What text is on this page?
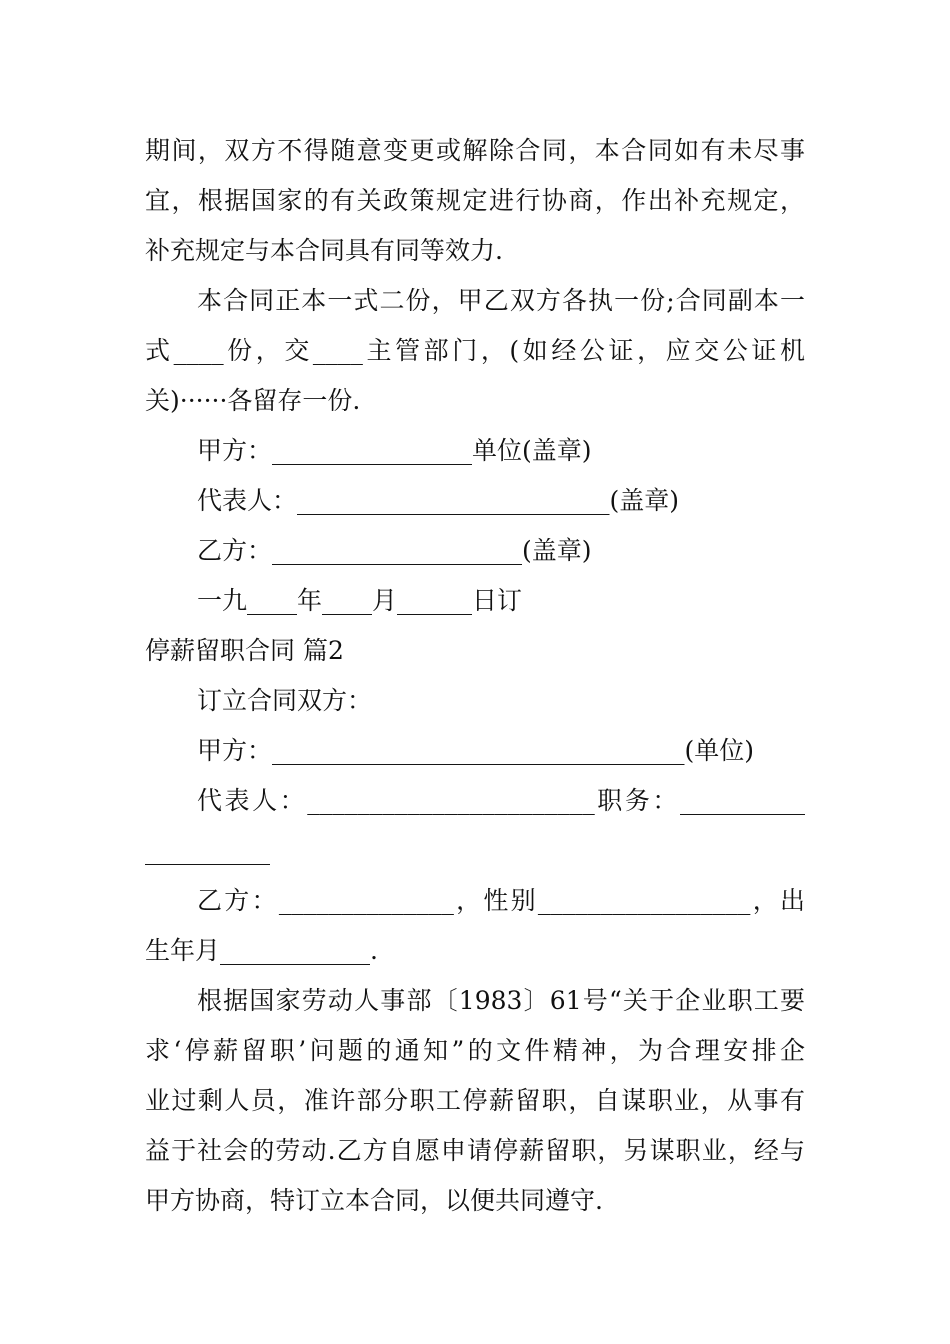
期间，双方不得随意变更或解除合同，本合同如有未尽事
宜，根据国家的有关政策规定进行协商，作出补充规定，
补充规定与本合同具有同等效力.
本合同正本一式二份，甲乙双方各执一份;合同副本一
式____份，交____主管部门，(如经公证，应交公证机
关)······各留存一份.
甲方：________________单位(盖章)
代表人：_________________________(盖章)
乙方：____________________(盖章)
一九____年____月______日订
停薪留职合同 篇2
订立合同双方：
甲方：_________________________________(单位)
代表人：_______________________职务：__________
__________
乙方：______________，性别_________________，出
生年月____________.
根据国家劳动人事部〔1983〕61号“关于企业职工要
求‘停薪留职’问题的通知”的文件精神，为合理安排企
业过剩人员，准许部分职工停薪留职，自谋职业，从事有
益于社会的劳动.乙方自愿申请停薪留职，另谋职业，经与
甲方协商，特订立本合同，以便共同遵守.
